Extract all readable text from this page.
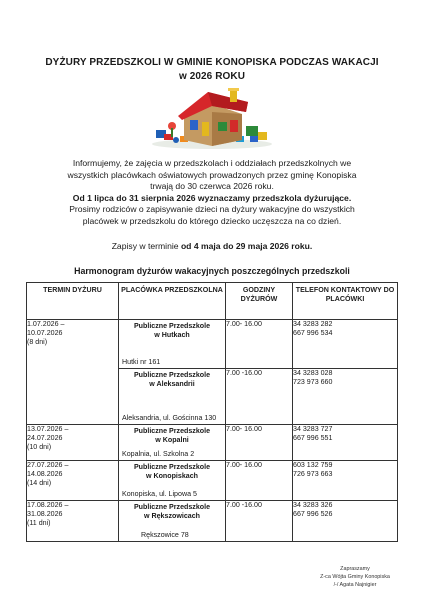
DYŻURY PRZEDSZKOLI W GMINIE KONOPISKA PODCZAS WAKACJI
w 2026 ROKU

Informujemy, że zajęcia w przedszkolach i oddziałach przedszkolnych we

wszystkich placówkach oświatowych prowadzonych przez gminę Konopiska

trwają do 30 czerwca 2026 roku.

Od 1 lipca do 31 sierpnia 2026 wyznaczamy przedszkola dyżurujące.

Prosimy rodziców o zapisywanie dzieci na dyżury wakacyjne do wszystkich

placówek w przedszkolu do którego dziecko uczęszcza na co dzień.

Zapisy w terminie od 4 maja do 29 maja 2026 roku.

Harmonogram dyżurów wakacyjnych poszczególnych przedszkoli
TERMIN DYŻURU	PLACÓWKA PRZEDSZKOLNA	GODZINY DYŻURÓW	TELEFON KONTAKTOWY DO PLACÓWKI

1.07.2026 –
10.07.2026
(8 dni)	Publiczne Przedszkole
w Hutkach
Hutki nr 161	7.00- 16.00	34 3283 282
667 996 534

	Publiczne Przedszkole
w Aleksandrii
Aleksandria, ul. Gościnna 130	7.00 -16.00	34 3283 028
723 973 660

13.07.2026 –
24.07.2026
(10 dni)	Publiczne Przedszkole
w Kopalni
Kopalnia, ul. Szkolna 2	7.00- 16.00	34 3283 727
667 996 551

27.07.2026 –
14.08.2026
(14 dni)	Publiczne Przedszkole
w Konopiskach
Konopiska, ul. Lipowa 5	7.00- 16.00	603 132 759
726 973 663

17.08.2026 –
31.08.2026
(11 dni)	Publiczne Przedszkole
w Rększowicach
Rększowice 78	7.00 -16.00	34 3283 326
667 996 526
Zapraszamy
Z-ca Wójta Gminy Konopiska
/-/ Agata Najnigier
